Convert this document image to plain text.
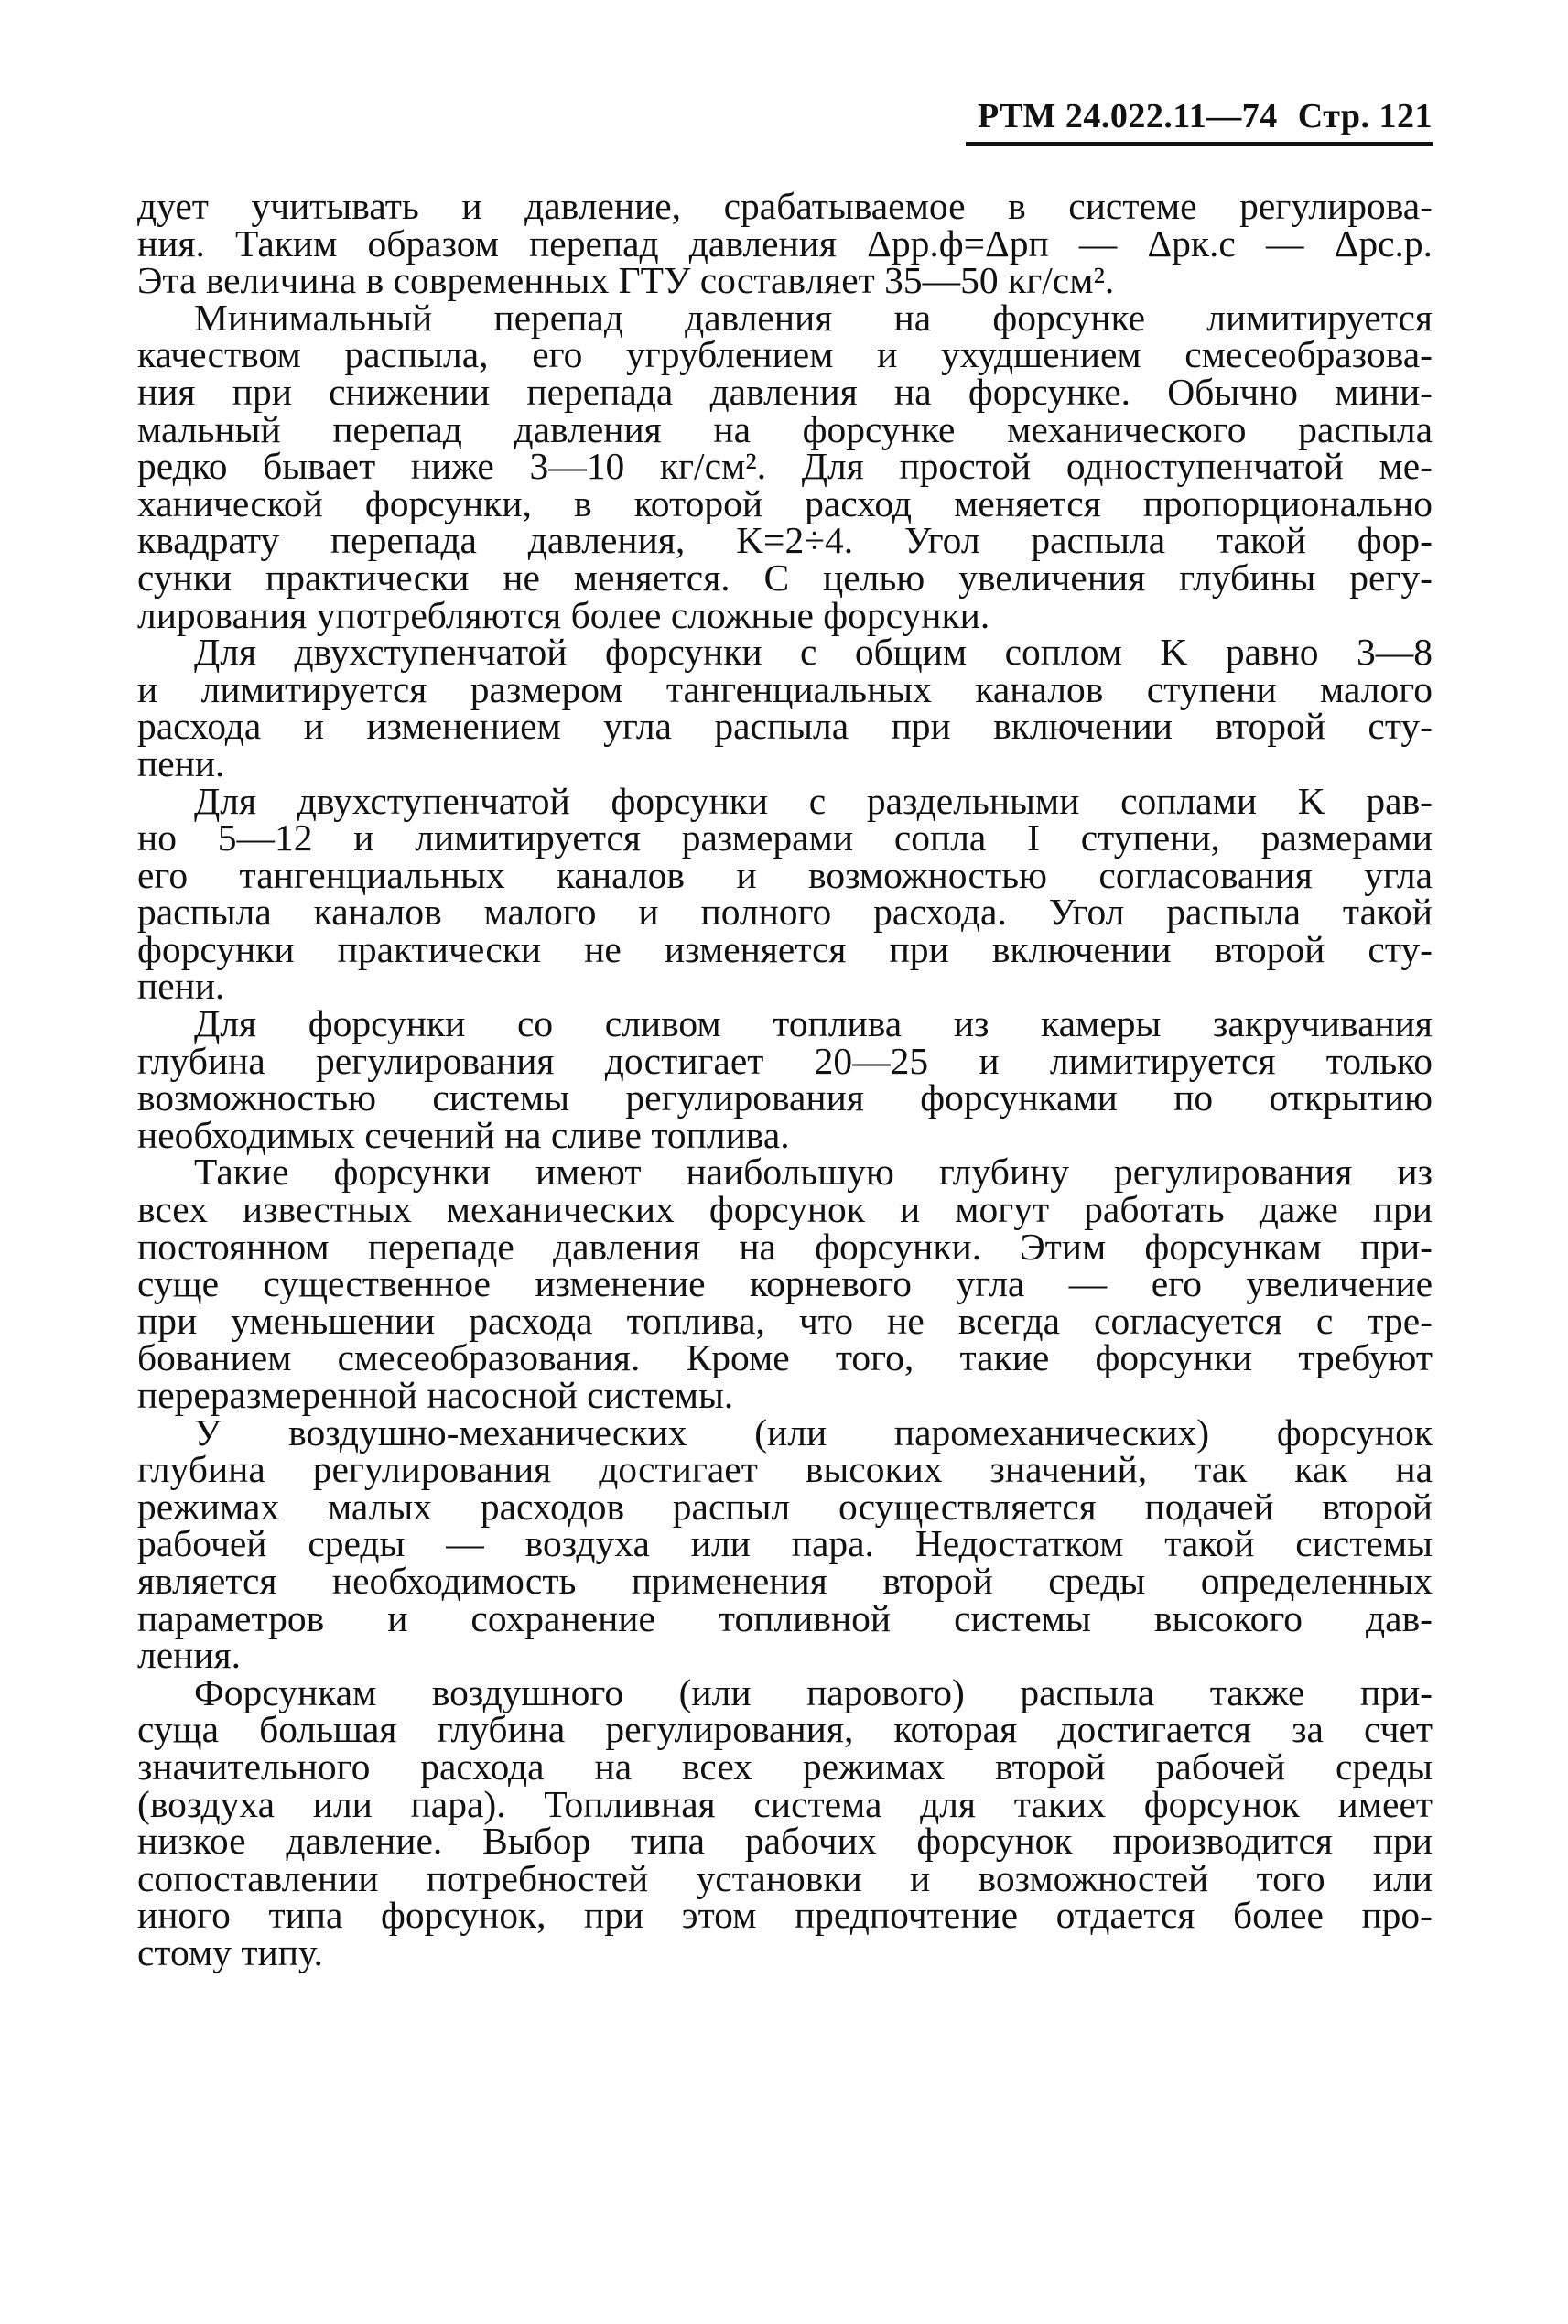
РТМ 24.022.11—74 Стр. 121
дует учитывать и давление, срабатываемое в системе регулирова-
ния. Таким образом перепад давления Δpр.ф=Δpп — Δpк.с — Δpс.р.
Эта величина в современных ГТУ составляет 35—50 кг/см².
Минимальный перепад давления на форсунке лимитируется
качеством распыла, его угрублением и ухудшением смесеобразова-
ния при снижении перепада давления на форсунке. Обычно мини-
мальный перепад давления на форсунке механического распыла
редко бывает ниже 3—10 кг/см². Для простой одноступенчатой ме-
ханической форсунки, в которой расход меняется пропорционально
квадрату перепада давления, K=2÷4. Угол распыла такой фор-
сунки практически не меняется. С целью увеличения глубины регу-
лирования употребляются более сложные форсунки.
Для двухступенчатой форсунки с общим соплом K равно 3—8
и лимитируется размером тангенциальных каналов ступени малого
расхода и изменением угла распыла при включении второй сту-
пени.
Для двухступенчатой форсунки с раздельными соплами K рав-
но 5—12 и лимитируется размерами сопла I ступени, размерами
его тангенциальных каналов и возможностью согласования угла
распыла каналов малого и полного расхода. Угол распыла такой
форсунки практически не изменяется при включении второй сту-
пени.
Для форсунки со сливом топлива из камеры закручивания
глубина регулирования достигает 20—25 и лимитируется только
возможностью системы регулирования форсунками по открытию
необходимых сечений на сливе топлива.
Такие форсунки имеют наибольшую глубину регулирования из
всех известных механических форсунок и могут работать даже при
постоянном перепаде давления на форсунки. Этим форсункам при-
суще существенное изменение корневого угла — его увеличение
при уменьшении расхода топлива, что не всегда согласуется с тре-
бованием смесеобразования. Кроме того, такие форсунки требуют
переразмеренной насосной системы.
У воздушно-механических (или паромеханических) форсунок
глубина регулирования достигает высоких значений, так как на
режимах малых расходов распыл осуществляется подачей второй
рабочей среды — воздуха или пара. Недостатком такой системы
является необходимость применения второй среды определенных
параметров и сохранение топливной системы высокого дав-
ления.
Форсункам воздушного (или парового) распыла также при-
суща большая глубина регулирования, которая достигается за счет
значительного расхода на всех режимах второй рабочей среды
(воздуха или пара). Топливная система для таких форсунок имеет
низкое давление. Выбор типа рабочих форсунок производится при
сопоставлении потребностей установки и возможностей того или
иного типа форсунок, при этом предпочтение отдается более про-
стому типу.
